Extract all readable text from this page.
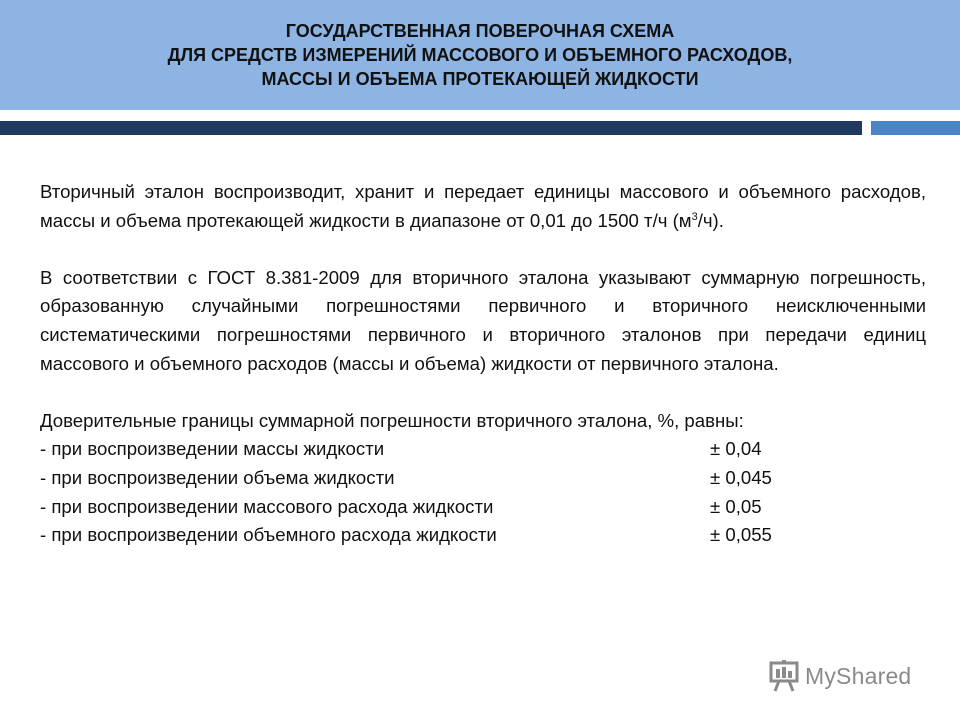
ГОСУДАРСТВЕННАЯ ПОВЕРОЧНАЯ СХЕМА
ДЛЯ СРЕДСТВ ИЗМЕРЕНИЙ МАССОВОГО И ОБЪЕМНОГО РАСХОДОВ,
МАССЫ И ОБЪЕМА ПРОТЕКАЮЩЕЙ ЖИДКОСТИ

Вторичный эталон воспроизводит, хранит и передает единицы массового и объемного расходов, массы и объема протекающей жидкости в диапазоне от 0,01 до 1500 т/ч $(м^3/ч)$.

В соответствии с ГОСТ 8.381-2009 для вторичного эталона указывают суммарную погрешность, образованную случайными погрешностями первичного и вторичного неисключенными систематическими погрешностями первичного и вторичного эталонов при передачи единиц массового и объемного расходов (массы и объема) жидкости от первичного эталона.

Доверительные границы суммарной погрешности вторичного эталона, %, равны:

- при воспроизведении массы жидкости	± 0,04
- при воспроизведении объема жидкости	± 0,045
- при воспроизведении массового расхода жидкости	± 0,05
- при воспроизведении объемного расхода жидкости	± 0,055
MyShared
